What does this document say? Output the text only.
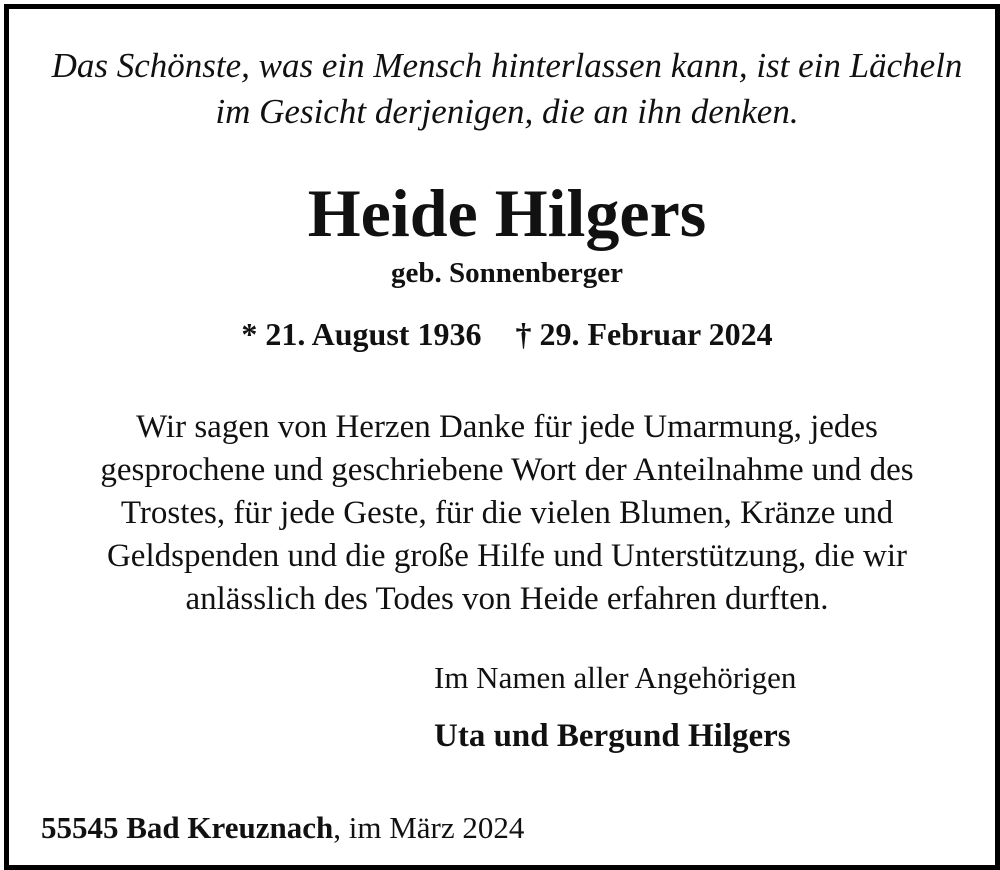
Das Schönste, was ein Mensch hinterlassen kann, ist ein Lächeln
im Gesicht derjenigen, die an ihn denken.
Heide Hilgers
geb. Sonnenberger
* 21. August 1936 † 29. Februar 2024
Wir sagen von Herzen Danke für jede Umarmung, jedes
gesprochene und geschriebene Wort der Anteilnahme und des
Trostes, für jede Geste, für die vielen Blumen, Kränze und
Geldspenden und die große Hilfe und Unterstützung, die wir
anlässlich des Todes von Heide erfahren durften.
Im Namen aller Angehörigen
Uta und Bergund Hilgers
55545 Bad Kreuznach, im März 2024
